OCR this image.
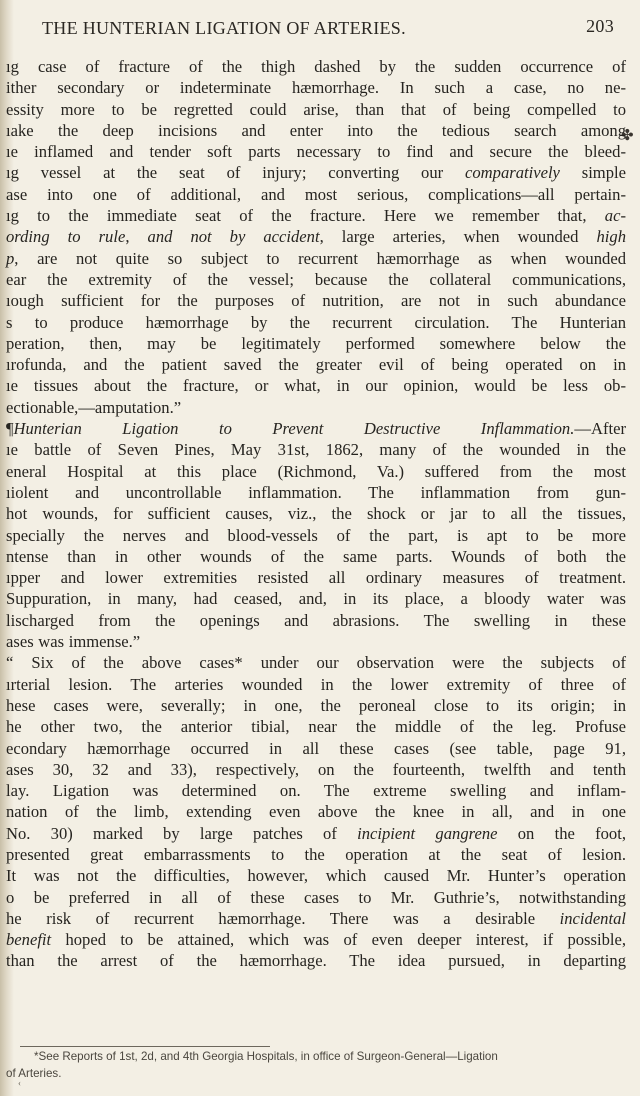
THE HUNTERIAN LIGATION OF ARTERIES.	203
✤
ıg case of fracture of the thigh dashed by the sudden occurrence of
ither secondary or indeterminate hæmorrhage. In such a case, no ne-
essity more to be regretted could arise, than that of being compelled to
ıake the deep incisions and enter into the tedious search among
ıe inflamed and tender soft parts necessary to find and secure the bleed-
ıg vessel at the seat of injury; converting our comparatively simple
ase into one of additional, and most serious, complications—all pertain-
ıg to the immediate seat of the fracture. Here we remember that, ac-
ording to rule, and not by accident, large arteries, when wounded high
p, are not quite so subject to recurrent hæmorrhage as when wounded
ear the extremity of the vessel; because the collateral communications,
ıough sufficient for the purposes of nutrition, are not in such abundance
s to produce hæmorrhage by the recurrent circulation. The Hunterian
peration, then, may be legitimately performed somewhere below the
ırofunda, and the patient saved the greater evil of being operated on in
ıe tissues about the fracture, or what, in our opinion, would be less ob-
ectionable,—amputation.”
¶Hunterian Ligation to Prevent Destructive Inflammation.—After
ıe battle of Seven Pines, May 31st, 1862, many of the wounded in the
eneral Hospital at this place (Richmond, Va.) suffered from the most
ıiolent and uncontrollable inflammation. The inflammation from gun-
hot wounds, for sufficient causes, viz., the shock or jar to all the tissues,
specially the nerves and blood-vessels of the part, is apt to be more
ntense than in other wounds of the same parts. Wounds of both the
ıpper and lower extremities resisted all ordinary measures of treatment.
Suppuration, in many, had ceased, and, in its place, a bloody water was
lischarged from the openings and abrasions. The swelling in these
ases was immense.”
“ Six of the above cases* under our observation were the subjects of
ırterial lesion. The arteries wounded in the lower extremity of three of
hese cases were, severally; in one, the peroneal close to its origin; in
he other two, the anterior tibial, near the middle of the leg. Profuse
econdary hæmorrhage occurred in all these cases (see table, page 91,
ases 30, 32 and 33), respectively, on the fourteenth, twelfth and tenth
lay. Ligation was determined on. The extreme swelling and inflam-
nation of the limb, extending even above the knee in all, and in one
No. 30) marked by large patches of incipient gangrene on the foot,
presented great embarrassments to the operation at the seat of lesion.
It was not the difficulties, however, which caused Mr. Hunter’s operation
o be preferred in all of these cases to Mr. Guthrie’s, notwithstanding
he risk of recurrent hæmorrhage. There was a desirable incidental
benefit hoped to be attained, which was of even deeper interest, if possible,
than the arrest of the hæmorrhage. The idea pursued, in departing
*See Reports of 1st, 2d, and 4th Georgia Hospitals, in office of Surgeon-General—Ligation
of Arteries.
‹
